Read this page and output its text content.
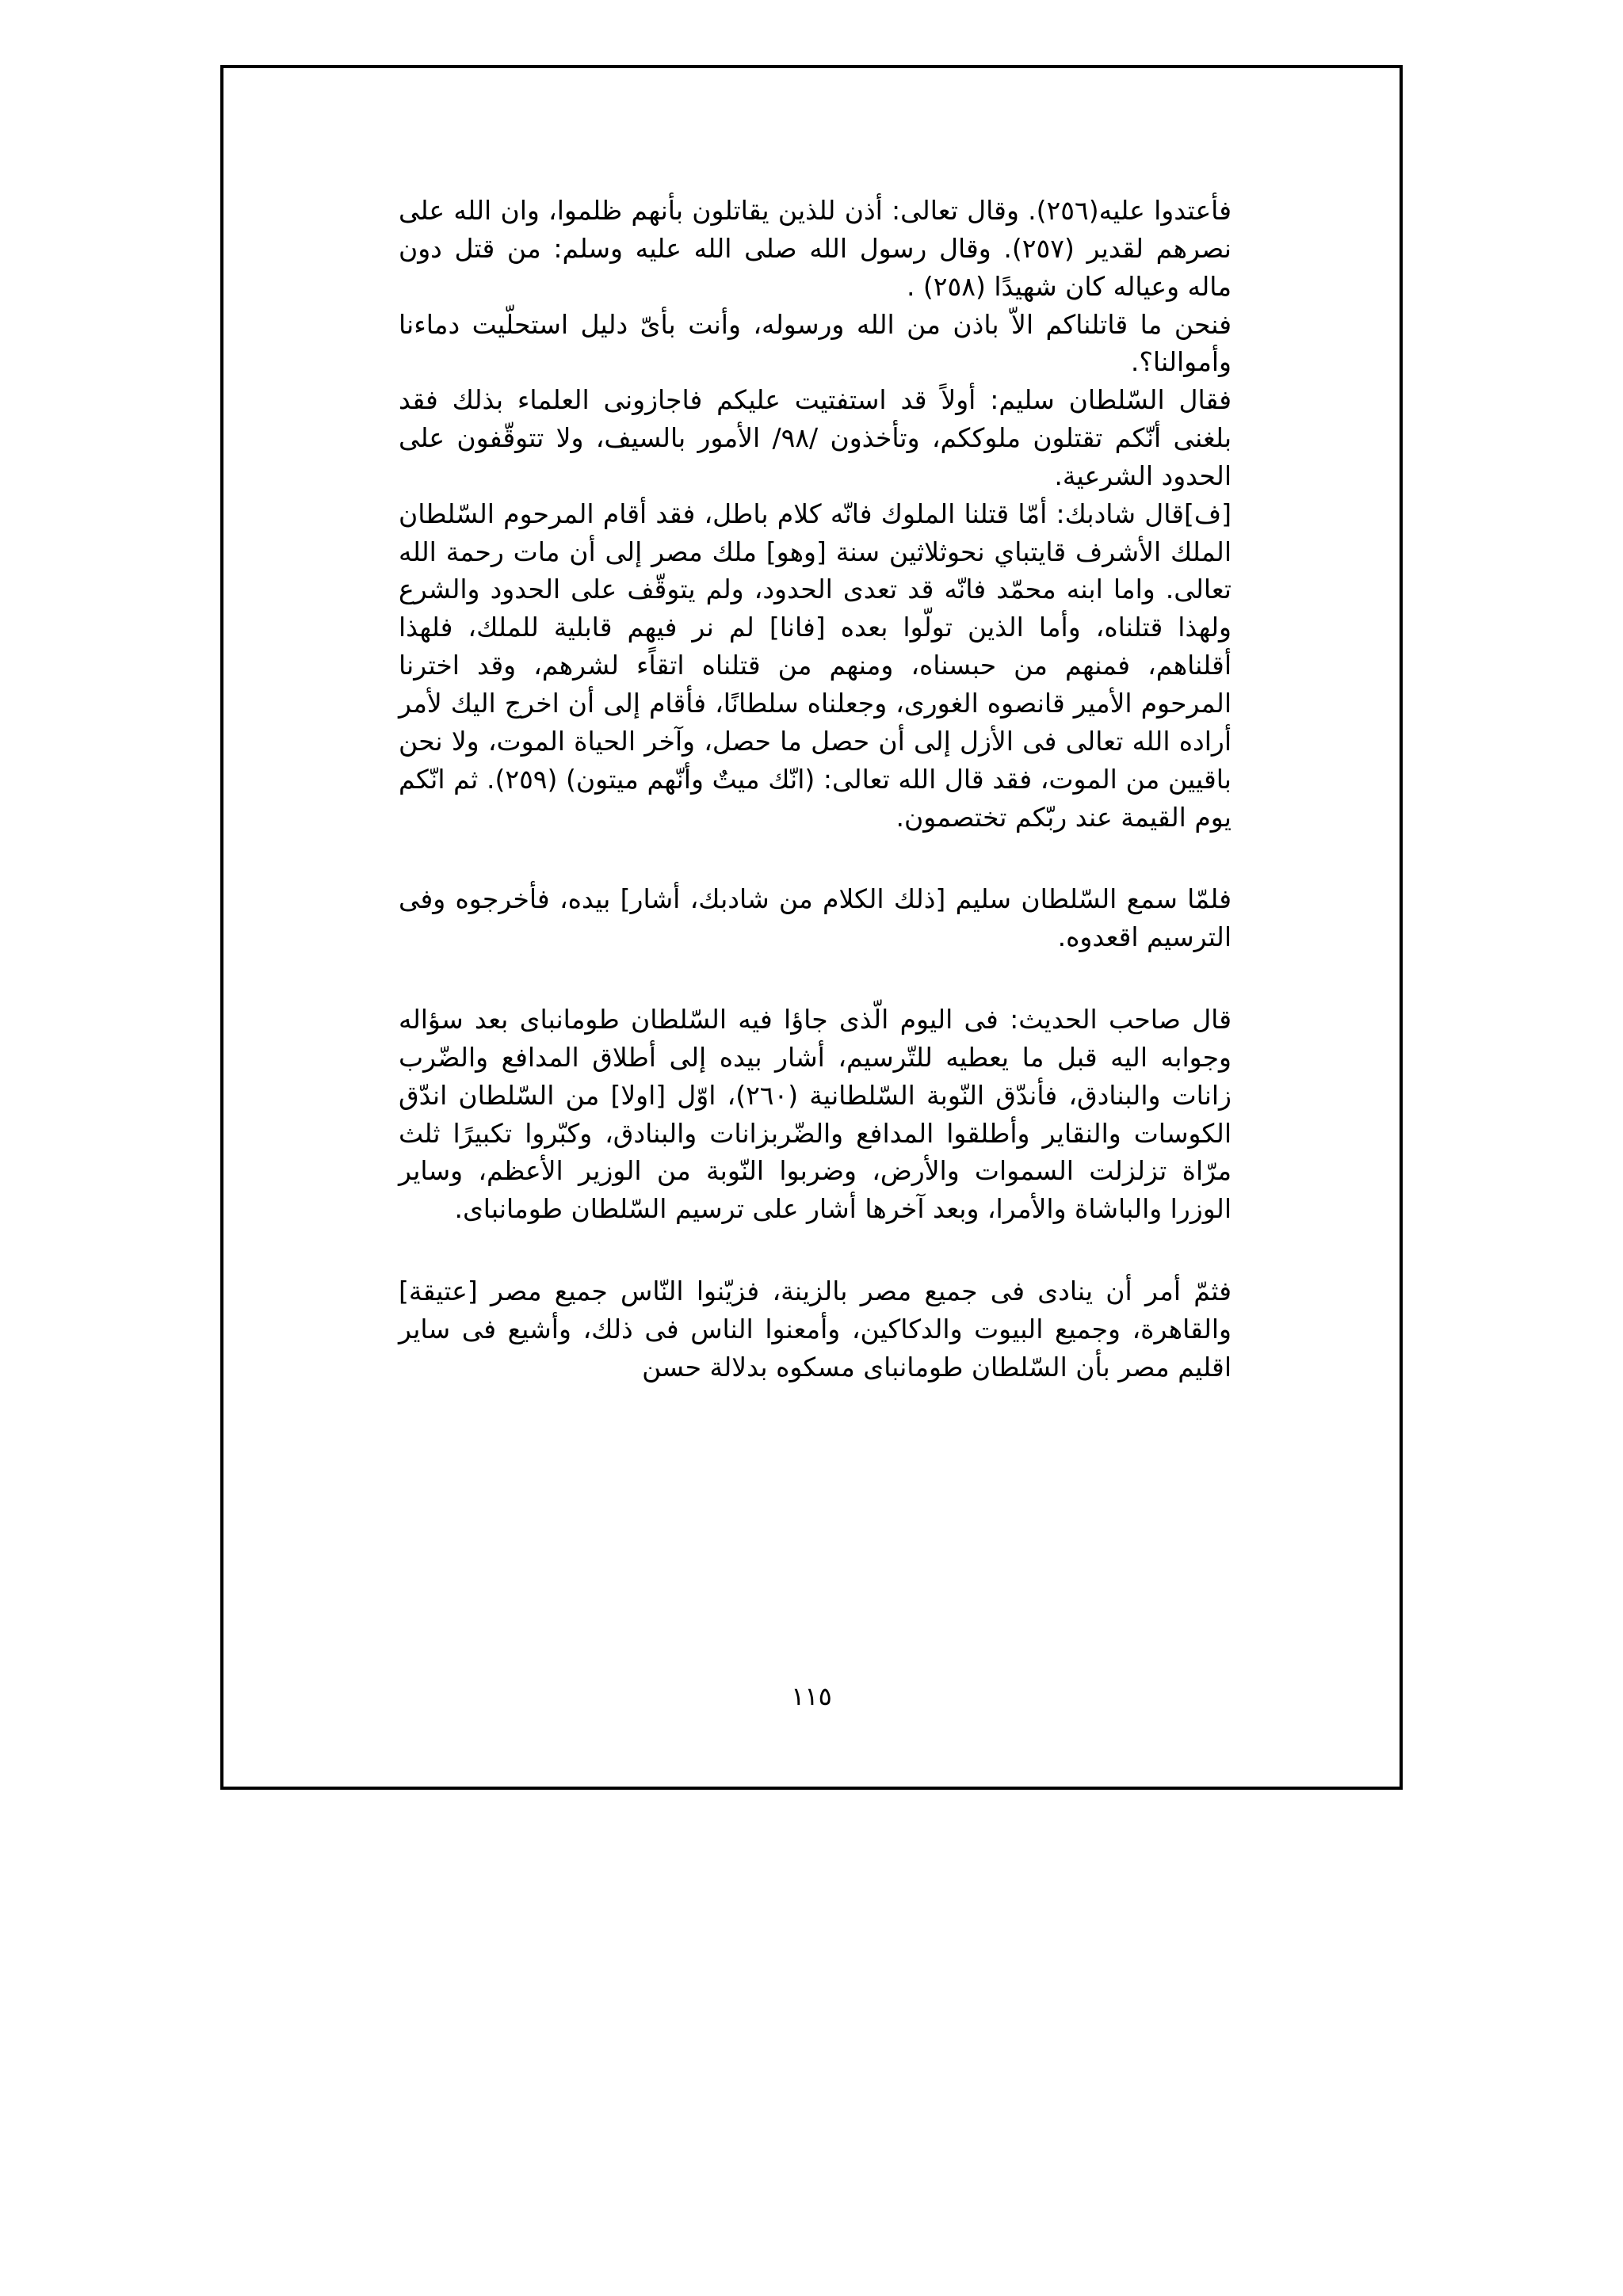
فأعتدوا عليه(٢٥٦). وقال تعالى: أذن للذين يقاتلون بأنهم ظلموا، وان الله على نصرهم لقدير (٢٥٧). وقال رسول الله صلى الله عليه وسلم: من قتل دون ماله وعياله كان شهيدًا (٢٥٨) .

فنحن ما قاتلناكم الاّ باذن من الله ورسوله، وأنت بأىّ دليل استحلّيت دماءنا وأموالنا؟.

فقال السّلطان سليم: أولاً قد استفتيت عليكم فاجازونى العلماء بذلك فقد بلغنى أنّكم تقتلون ملوككم، وتأخذون /٩٨/ الأمور بالسيف، ولا تتوقّفون على الحدود الشرعية.

[ف]قال شادبك: أمّا قتلنا الملوك فانّه كلام باطل، فقد أقام المرحوم السّلطان الملك الأشرف قايتباي نحوثلاثين سنة [وهو] ملك مصر إلى أن مات رحمة الله تعالى. واما ابنه محمّد فانّه قد تعدى الحدود، ولم يتوقّف على الحدود والشرع ولهذا قتلناه، وأما الذين تولّوا بعده [فانا] لم نر فيهم قابلية للملك، فلهذا أقلناهم، فمنهم من حبسناه، ومنهم من قتلناه اتقاًء لشرهم، وقد اخترنا المرحوم الأمير قانصوه الغورى، وجعلناه سلطانًا، فأقام إلى أن اخرج اليك لأمر أراده الله تعالى فى الأزل إلى أن حصل ما حصل، وآخر الحياة الموت، ولا نحن باقيين من الموت، فقد قال الله تعالى: (انّك ميتٌ وأنّهم ميتون) (٢٥٩). ثم انّكم يوم القيمة عند ربّكم تختصمون.

فلمّا سمع السّلطان سليم [ذلك الكلام من شادبك، أشار] بيده، فأخرجوه وفى الترسيم اقعدوه.

قال صاحب الحديث: فى اليوم الّذى جاؤا فيه السّلطان طومانباى بعد سؤاله وجوابه اليه قبل ما يعطيه للتّرسيم، أشار بيده إلى أطلاق المدافع والضّرب زانات والبنادق، فأندّق النّوبة السّلطانية (٢٦٠)، اوّل [اولا] من السّلطان اندّق الكوسات والنقاير وأطلقوا المدافع والضّربزانات والبنادق، وكبّروا تكبيرًا ثلث مرّاة تزلزلت السموات والأرض، وضربوا النّوبة من الوزير الأعظم، وساير الوزرا والباشاة والأمرا، وبعد آخرها أشار على ترسيم السّلطان طومانباى.

فثمّ أمر أن ينادى فى جميع مصر بالزينة، فزيّنوا النّاس جميع مصر [عتيقة] والقاهرة، وجميع البيوت والدكاكين، وأمعنوا الناس فى ذلك، وأشيع فى ساير اقليم مصر بأن السّلطان طومانباى مسكوه بدلالة حسن

١١٥
